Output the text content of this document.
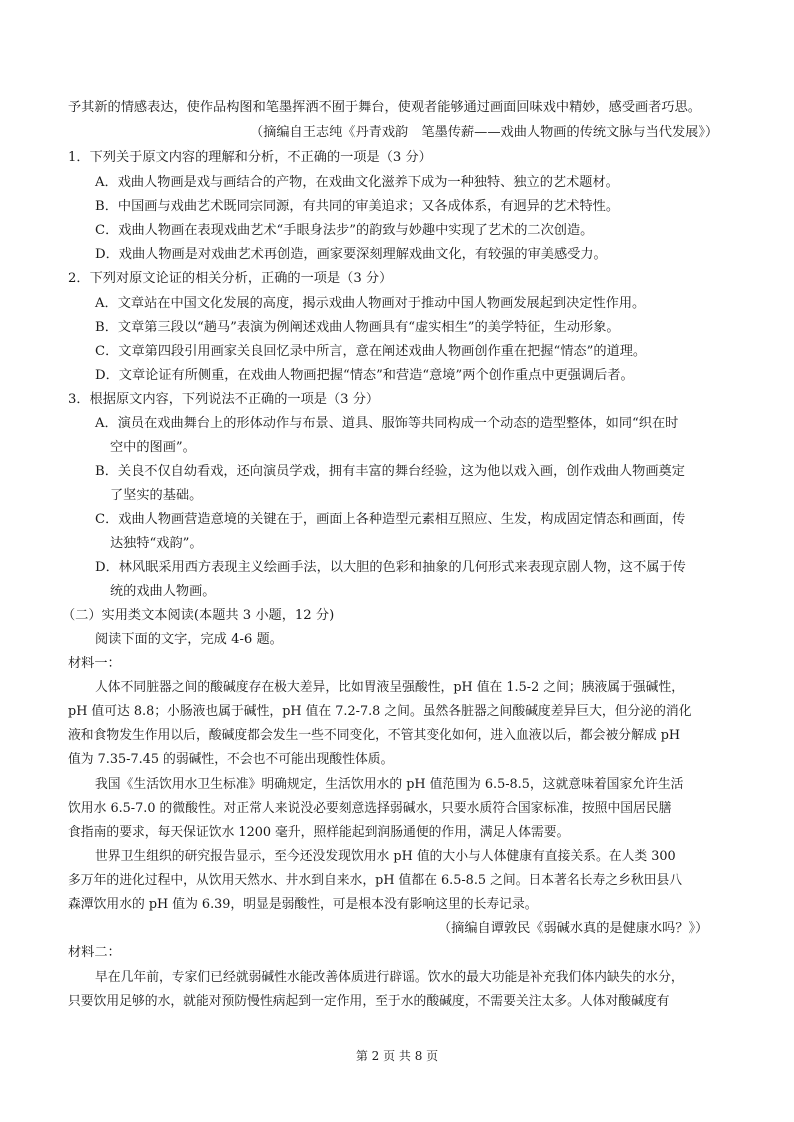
予其新的情感表达，使作品构图和笔墨挥洒不囿于舞台，使观者能够通过画面回味戏中精妙，感受画者巧思。
（摘编自王志纯《丹青戏韵　笔墨传薪——戏曲人物画的传统文脉与当代发展》）
1．下列关于原文内容的理解和分析，不正确的一项是（3 分）
A．戏曲人物画是戏与画结合的产物，在戏曲文化滋养下成为一种独特、独立的艺术题材。
B．中国画与戏曲艺术既同宗同源，有共同的审美追求；又各成体系，有迥异的艺术特性。
C．戏曲人物画在表现戏曲艺术“手眼身法步”的韵致与妙趣中实现了艺术的二次创造。
D．戏曲人物画是对戏曲艺术再创造，画家要深刻理解戏曲文化，有较强的审美感受力。
2．下列对原文论证的相关分析，正确的一项是（3 分）
A．文章站在中国文化发展的高度，揭示戏曲人物画对于推动中国人物画发展起到决定性作用。
B．文章第三段以“趟马”表演为例阐述戏曲人物画具有“虚实相生”的美学特征，生动形象。
C．文章第四段引用画家关良回忆录中所言，意在阐述戏曲人物画创作重在把握“情态”的道理。
D．文章论证有所侧重，在戏曲人物画把握“情态”和营造“意境”两个创作重点中更强调后者。
3．根据原文内容，下列说法不正确的一项是（3 分）
A．演员在戏曲舞台上的形体动作与布景、道具、服饰等共同构成一个动态的造型整体，如同“织在时
空中的图画”。
B．关良不仅自幼看戏，还向演员学戏，拥有丰富的舞台经验，这为他以戏入画，创作戏曲人物画奠定
了坚实的基础。
C．戏曲人物画营造意境的关键在于，画面上各种造型元素相互照应、生发，构成固定情态和画面，传
达独特“戏韵”。
D．林风眠采用西方表现主义绘画手法，以大胆的色彩和抽象的几何形式来表现京剧人物，这不属于传
统的戏曲人物画。
（二）实用类文本阅读(本题共 3 小题，12 分)
阅读下面的文字，完成 4-6 题。
材料一：
人体不同脏器之间的酸碱度存在极大差异，比如胃液呈强酸性，pH 值在 1.5-2 之间；胰液属于强碱性，
pH 值可达 8.8；小肠液也属于碱性，pH 值在 7.2-7.8 之间。虽然各脏器之间酸碱度差异巨大，但分泌的消化
液和食物发生作用以后，酸碱度都会发生一些不同变化，不管其变化如何，进入血液以后，都会被分解成 pH
值为 7.35-7.45 的弱碱性，不会也不可能出现酸性体质。
我国《生活饮用水卫生标准》明确规定，生活饮用水的 pH 值范围为 6.5-8.5，这就意味着国家允许生活
饮用水 6.5-7.0 的微酸性。对正常人来说没必要刻意选择弱碱水，只要水质符合国家标准，按照中国居民膳
食指南的要求，每天保证饮水 1200 毫升，照样能起到润肠通便的作用，满足人体需要。
世界卫生组织的研究报告显示，至今还没发现饮用水 pH 值的大小与人体健康有直接关系。在人类 300
多万年的进化过程中，从饮用天然水、井水到自来水，pH 值都在 6.5-8.5 之间。日本著名长寿之乡秋田县八
森潭饮用水的 pH 值为 6.39，明显是弱酸性，可是根本没有影响这里的长寿记录。
（摘编自谭敦民《弱碱水真的是健康水吗？》）
材料二：
早在几年前，专家们已经就弱碱性水能改善体质进行辟谣。饮水的最大功能是补充我们体内缺失的水分，
只要饮用足够的水，就能对预防慢性病起到一定作用，至于水的酸碱度，不需要关注太多。人体对酸碱度有
第 2 页 共 8 页
